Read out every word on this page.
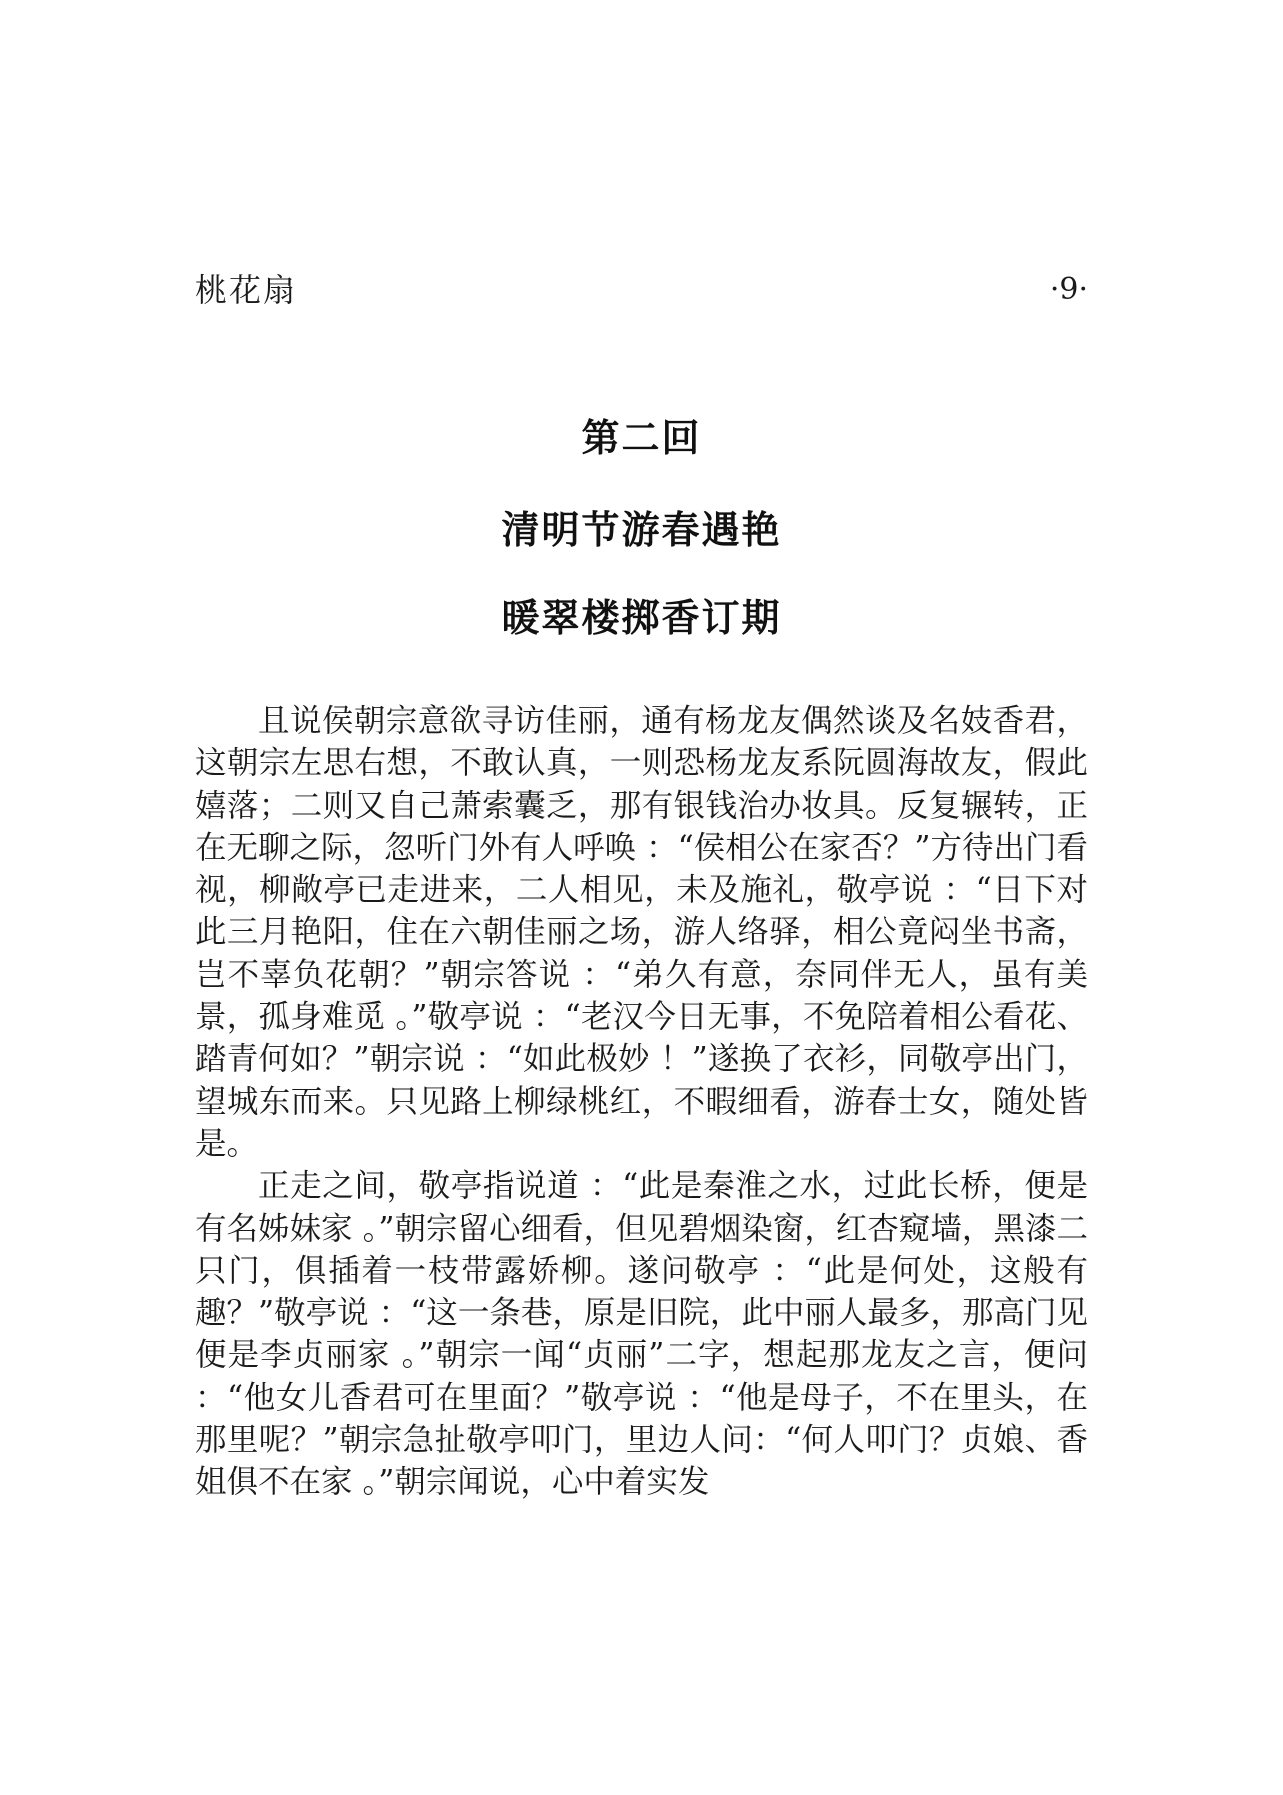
桃花扇	·9·
第二回
清明节游春遇艳
暖翠楼掷香订期

且说侯朝宗意欲寻访佳丽，通有杨龙友偶然谈及名妓香君，这朝宗左思右想，不敢认真，一则恐杨龙友系阮圆海故友，假此嬉落；二则又自己萧索囊乏，那有银钱治办妆具。反复辗转，正在无聊之际，忽听门外有人呼唤 ：“侯相公在家否？”方待出门看视，柳敞亭已走进来，二人相见，未及施礼，敬亭说 ：“日下对此三月艳阳，住在六朝佳丽之场，游人络驿，相公竟闷坐书斋，岂不辜负花朝？”朝宗答说 ：“弟久有意，奈同伴无人，虽有美景，孤身难觅 。”敬亭说 ：“老汉今日无事，不免陪着相公看花、踏青何如？”朝宗说 ：“如此极妙 ！”遂换了衣衫，同敬亭出门，望城东而来。只见路上柳绿桃红，不暇细看，游春士女，随处皆是。

正走之间，敬亭指说道 ：“此是秦淮之水，过此长桥，便是有名姊妹家 。”朝宗留心细看，但见碧烟染窗，红杏窥墙，黑漆二只门，俱插着一枝带露娇柳。遂问敬亭 ：“此是何处，这般有趣？”敬亭说 ：“这一条巷，原是旧院，此中丽人最多，那高门见便是李贞丽家 。”朝宗一闻“贞丽”二字，想起那龙友之言，便问 ：“他女儿香君可在里面？”敬亭说 ：“他是母子，不在里头，在那里呢？”朝宗急扯敬亭叩门，里边人问：“何人叩门？贞娘、香姐俱不在家 。”朝宗闻说，心中着实发
